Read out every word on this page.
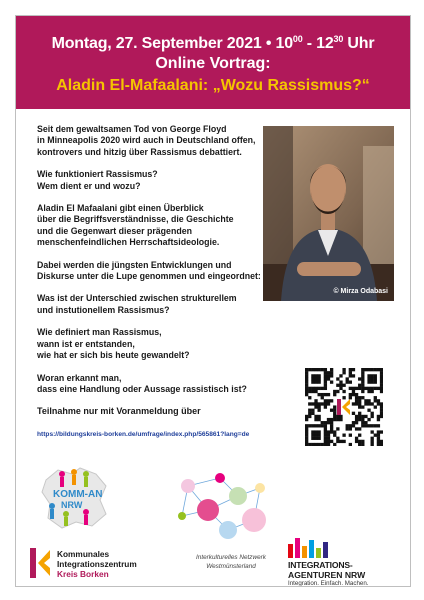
Montag, 27. September 2021 • $10^{00} - 12^{30}$ Uhr
Online Vortrag:
Aladin El-Mafaalani: „Wozu Rassismus?“

Seit dem gewaltsamen Tod von George Floyd
in Minneapolis 2020 wird auch in Deutschland offen,
kontrovers und hitzig über Rassismus debattiert.

Wie funktioniert Rassismus?
Wem dient er und wozu?

Aladin El Mafaalani gibt einen Überblick
über die Begriffsverständnisse, die Geschichte
und die Gegenwart dieser prägenden
menschenfeindlichen Herrschaftsideologie.

Dabei werden die jüngsten Entwicklungen und
Diskurse unter die Lupe genommen und eingeordnet:

Was ist der Unterschied zwischen strukturellem
und instutionellem Rassismus?

Wie definiert man Rassismus,
wann ist er entstanden,
wie hat er sich bis heute gewandelt?

Woran erkannt man,
dass eine Handlung oder Aussage rassistisch ist?

Teilnahme nur mit Voranmeldung über

https://bildungskreis-borken.de/umfrage/index.php/565861?lang=de

© Mirza Odabasi
KOMM-AN
NRW
Kommunales
Integrationszentrum
Kreis Borken
Interkulturelles Netzwerk
Westmünsterland	INTEGRATIONS-
AGENTUREN NRW
Integration. Einfach. Machen.
